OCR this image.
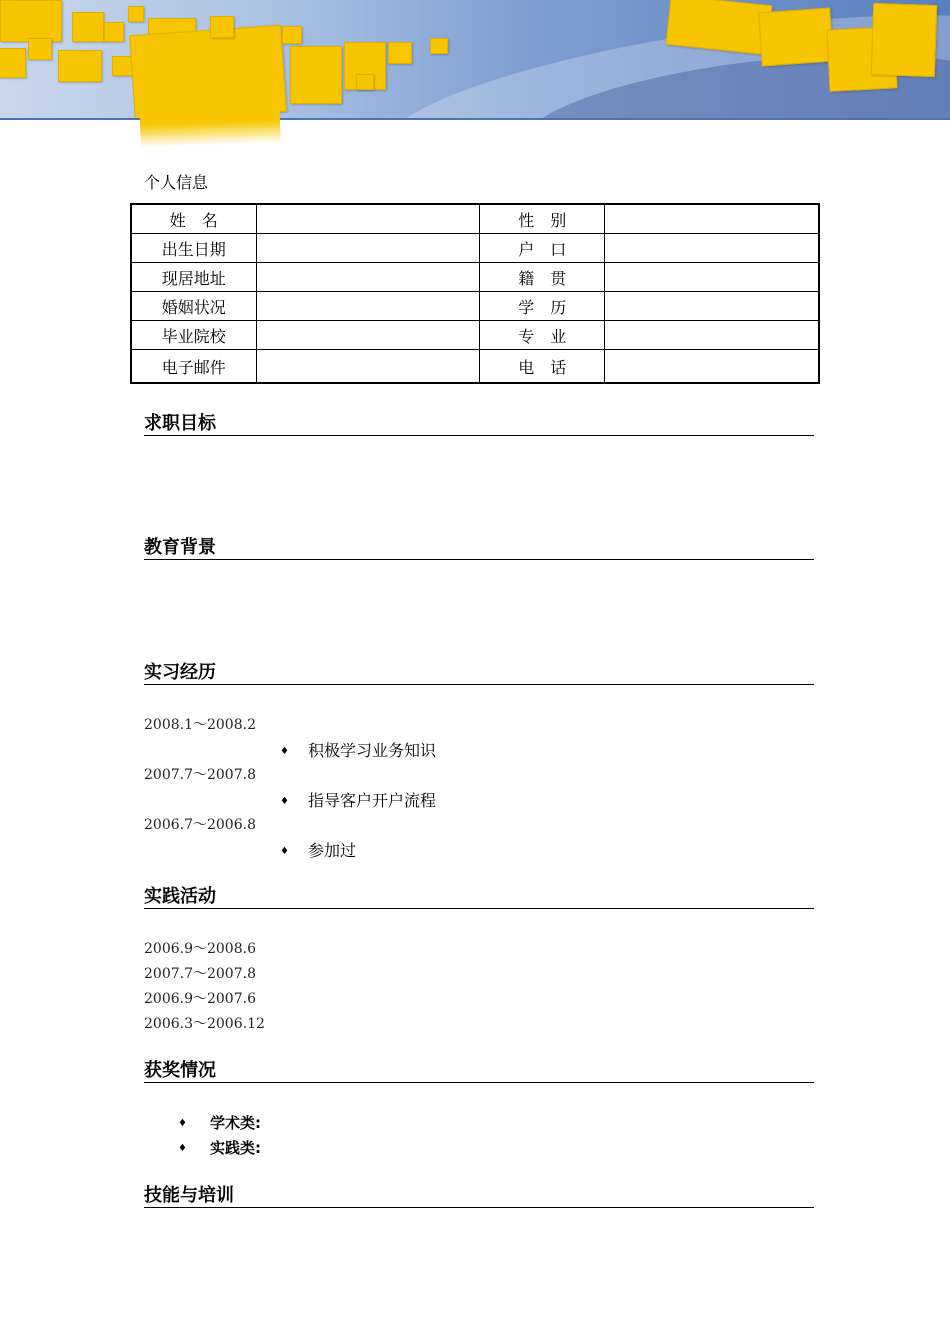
个人信息
姓　名		性　别	
出生日期		户　口	
现居地址		籍　贯	
婚姻状况		学　历	
毕业院校		专　业	
电子邮件		电　话	
求职目标
教育背景
实习经历
2008.1～2008.2
♦ 积极学习业务知识
2007.7～2007.8
♦ 指导客户开户流程
2006.7～2006.8
♦ 参加过
实践活动
2006.9～2008.6
2007.7～2007.8
2006.9～2007.6
2006.3～2006.12
获奖情况
♦ 学术类:
♦ 实践类:
技能与培训
